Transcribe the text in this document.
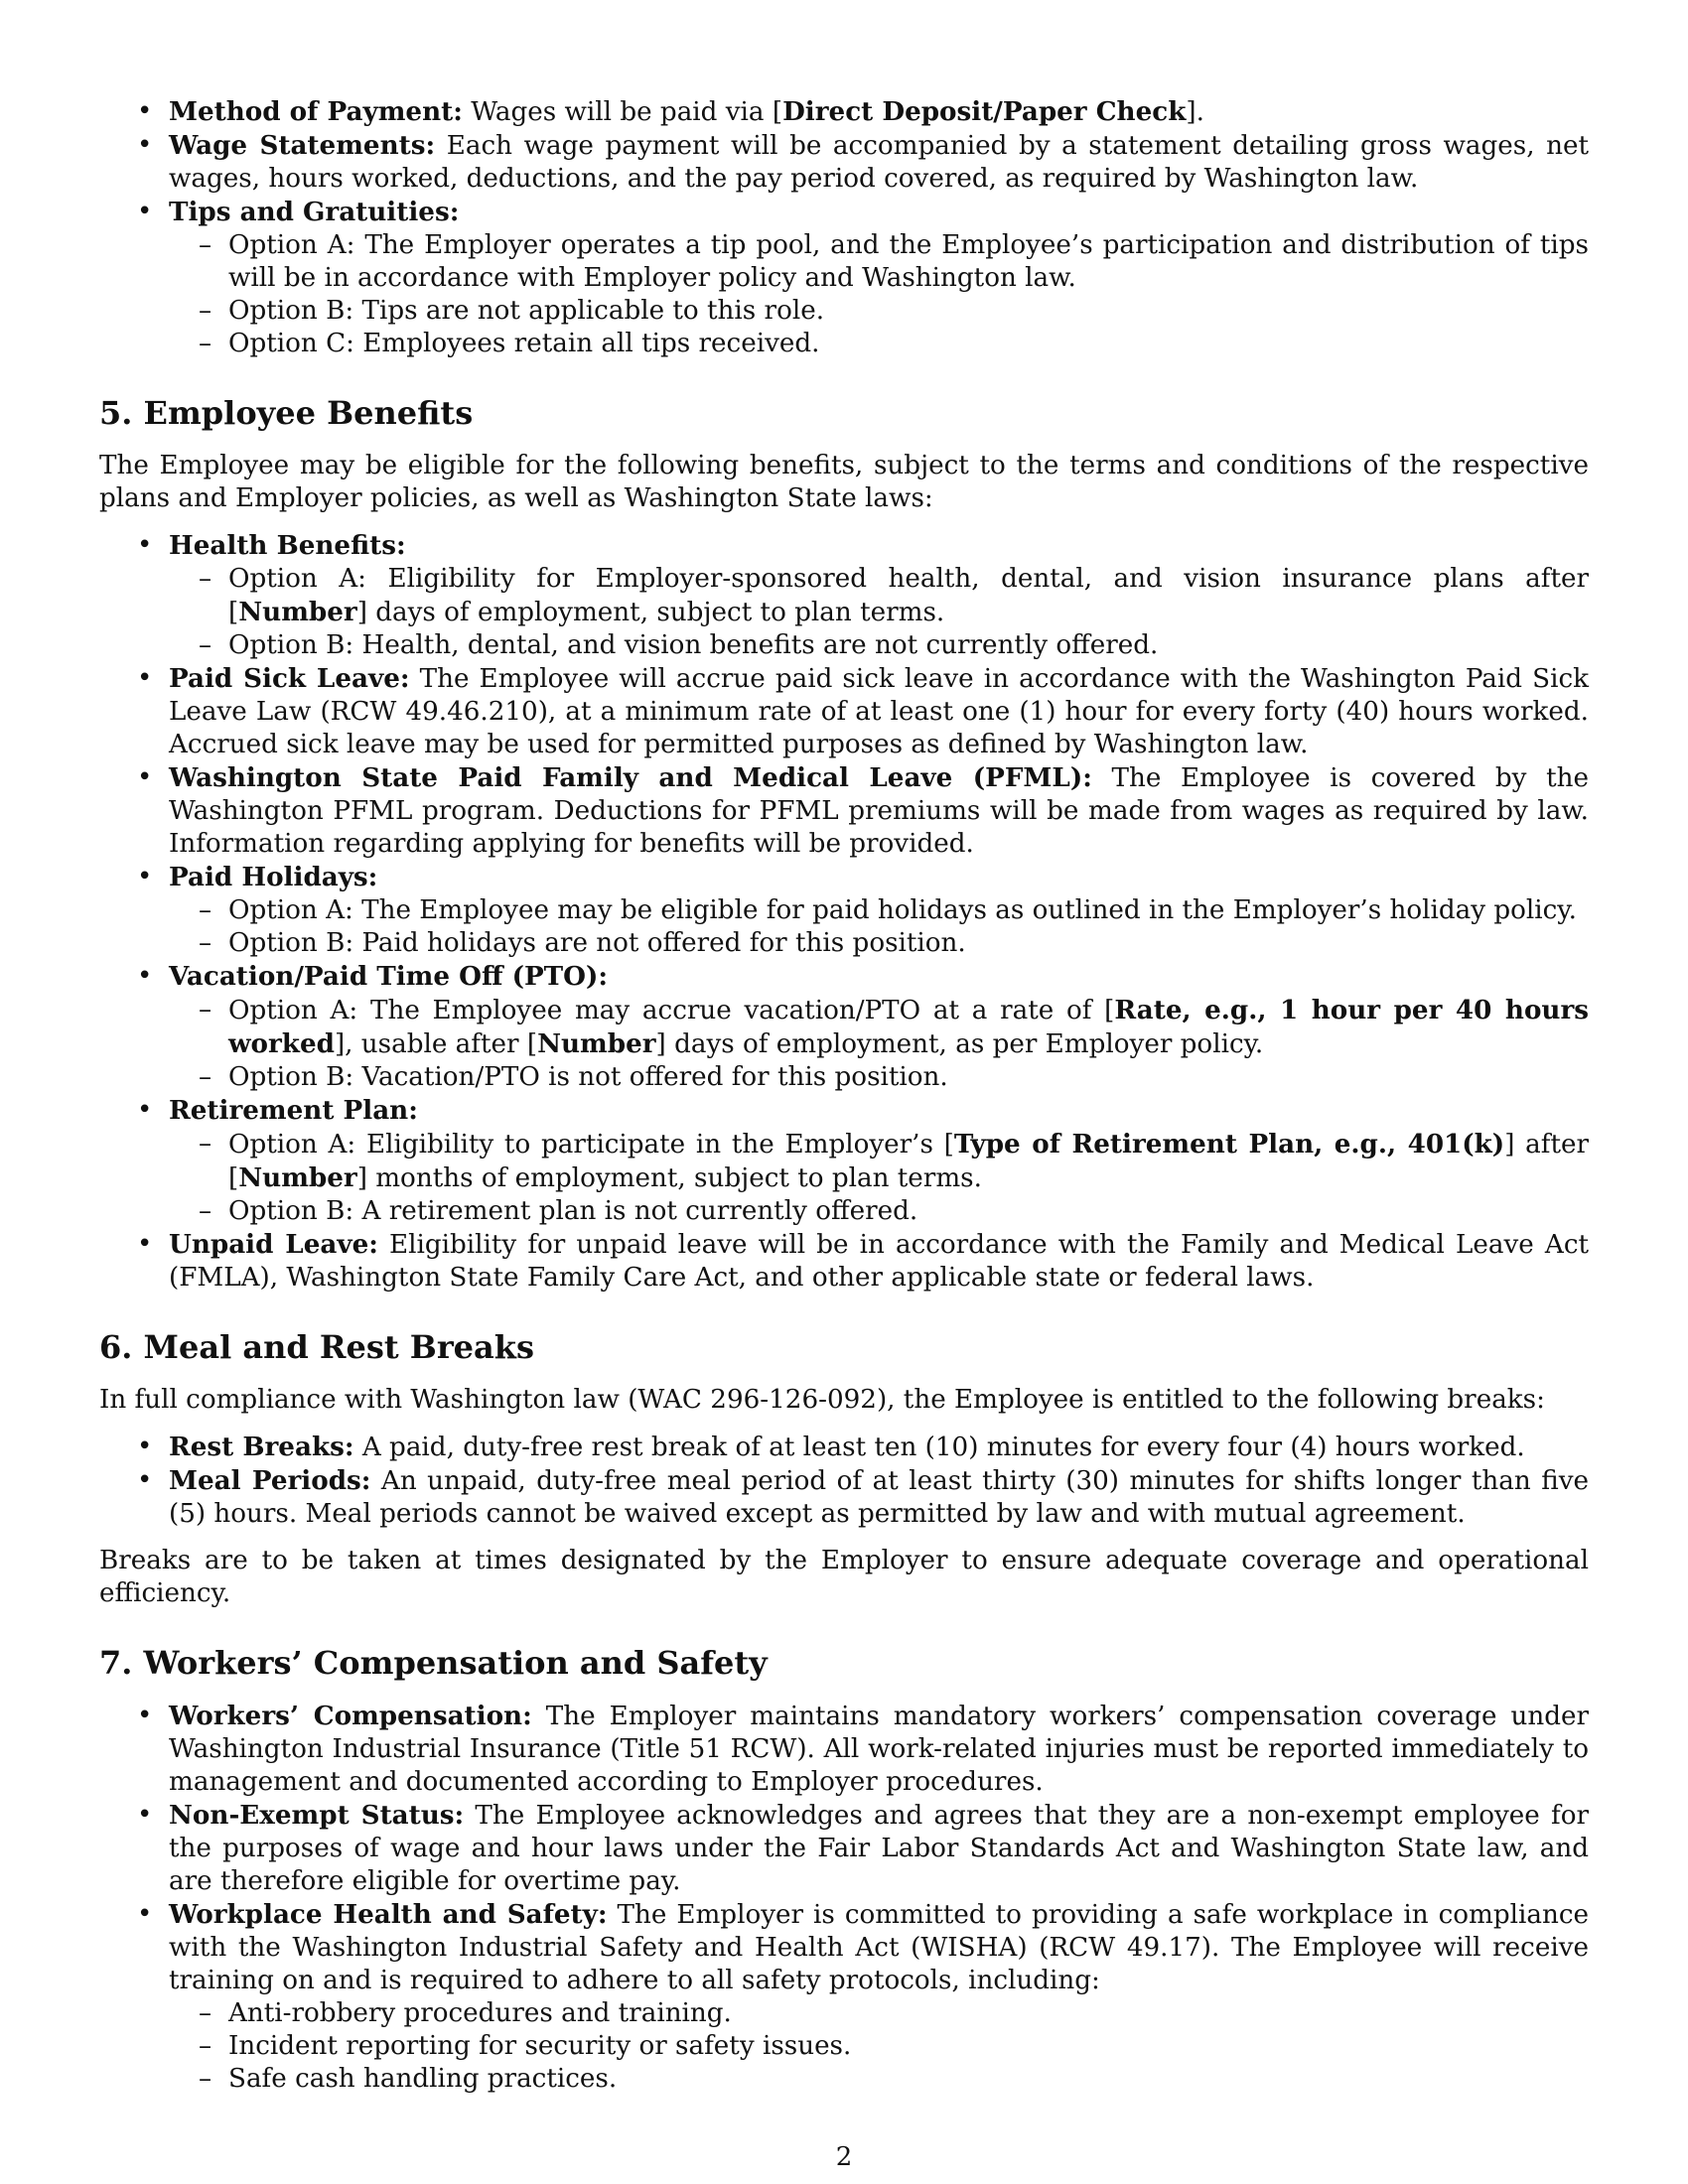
• Method of Payment: Wages will be paid via [Direct Deposit/Paper Check].
• Wage Statements: Each wage payment will be accompanied by a statement detailing gross wages, net wages, hours worked, deductions, and the pay period covered, as required by Washington law.
• Tips and Gratuities:
– Option A: The Employer operates a tip pool, and the Employee’s participation and distribution of tips will be in accordance with Employer policy and Washington law.
– Option B: Tips are not applicable to this role.
– Option C: Employees retain all tips received.
5. Employee Benefits

The Employee may be eligible for the following benefits, subject to the terms and conditions of the respective plans and Employer policies, as well as Washington State laws:

• Health Benefits:
– Option A: Eligibility for Employer-sponsored health, dental, and vision insurance plans after [Number] days of employment, subject to plan terms.
– Option B: Health, dental, and vision benefits are not currently offered.
• Paid Sick Leave: The Employee will accrue paid sick leave in accordance with the Washington Paid Sick Leave Law (RCW 49.46.210), at a minimum rate of at least one (1) hour for every forty (40) hours worked. Accrued sick leave may be used for permitted purposes as defined by Washington law.
• Washington State Paid Family and Medical Leave (PFML): The Employee is covered by the Washington PFML program. Deductions for PFML premiums will be made from wages as required by law. Information regarding applying for benefits will be provided.
• Paid Holidays:
– Option A: The Employee may be eligible for paid holidays as outlined in the Employer’s holiday policy.
– Option B: Paid holidays are not offered for this position.
• Vacation/Paid Time Off (PTO):
– Option A: The Employee may accrue vacation/PTO at a rate of [Rate, e.g., 1 hour per 40 hours worked], usable after [Number] days of employment, as per Employer policy.
– Option B: Vacation/PTO is not offered for this position.
• Retirement Plan:
– Option A: Eligibility to participate in the Employer’s [Type of Retirement Plan, e.g., 401(k)] after [Number] months of employment, subject to plan terms.
– Option B: A retirement plan is not currently offered.
• Unpaid Leave: Eligibility for unpaid leave will be in accordance with the Family and Medical Leave Act (FMLA), Washington State Family Care Act, and other applicable state or federal laws.
6. Meal and Rest Breaks

In full compliance with Washington law (WAC 296-126-092), the Employee is entitled to the following breaks:

• Rest Breaks: A paid, duty-free rest break of at least ten (10) minutes for every four (4) hours worked.
• Meal Periods: An unpaid, duty-free meal period of at least thirty (30) minutes for shifts longer than five (5) hours. Meal periods cannot be waived except as permitted by law and with mutual agreement.

Breaks are to be taken at times designated by the Employer to ensure adequate coverage and operational efficiency.

7. Workers’ Compensation and Safety
• Workers’ Compensation: The Employer maintains mandatory workers’ compensation coverage under Washington Industrial Insurance (Title 51 RCW). All work-related injuries must be reported immediately to management and documented according to Employer procedures.
• Non-Exempt Status: The Employee acknowledges and agrees that they are a non-exempt employee for the purposes of wage and hour laws under the Fair Labor Standards Act and Washington State law, and are therefore eligible for overtime pay.
• Workplace Health and Safety: The Employer is committed to providing a safe workplace in compliance with the Washington Industrial Safety and Health Act (WISHA) (RCW 49.17). The Employee will receive training on and is required to adhere to all safety protocols, including:
– Anti-robbery procedures and training.
– Incident reporting for security or safety issues.
– Safe cash handling practices.
2
